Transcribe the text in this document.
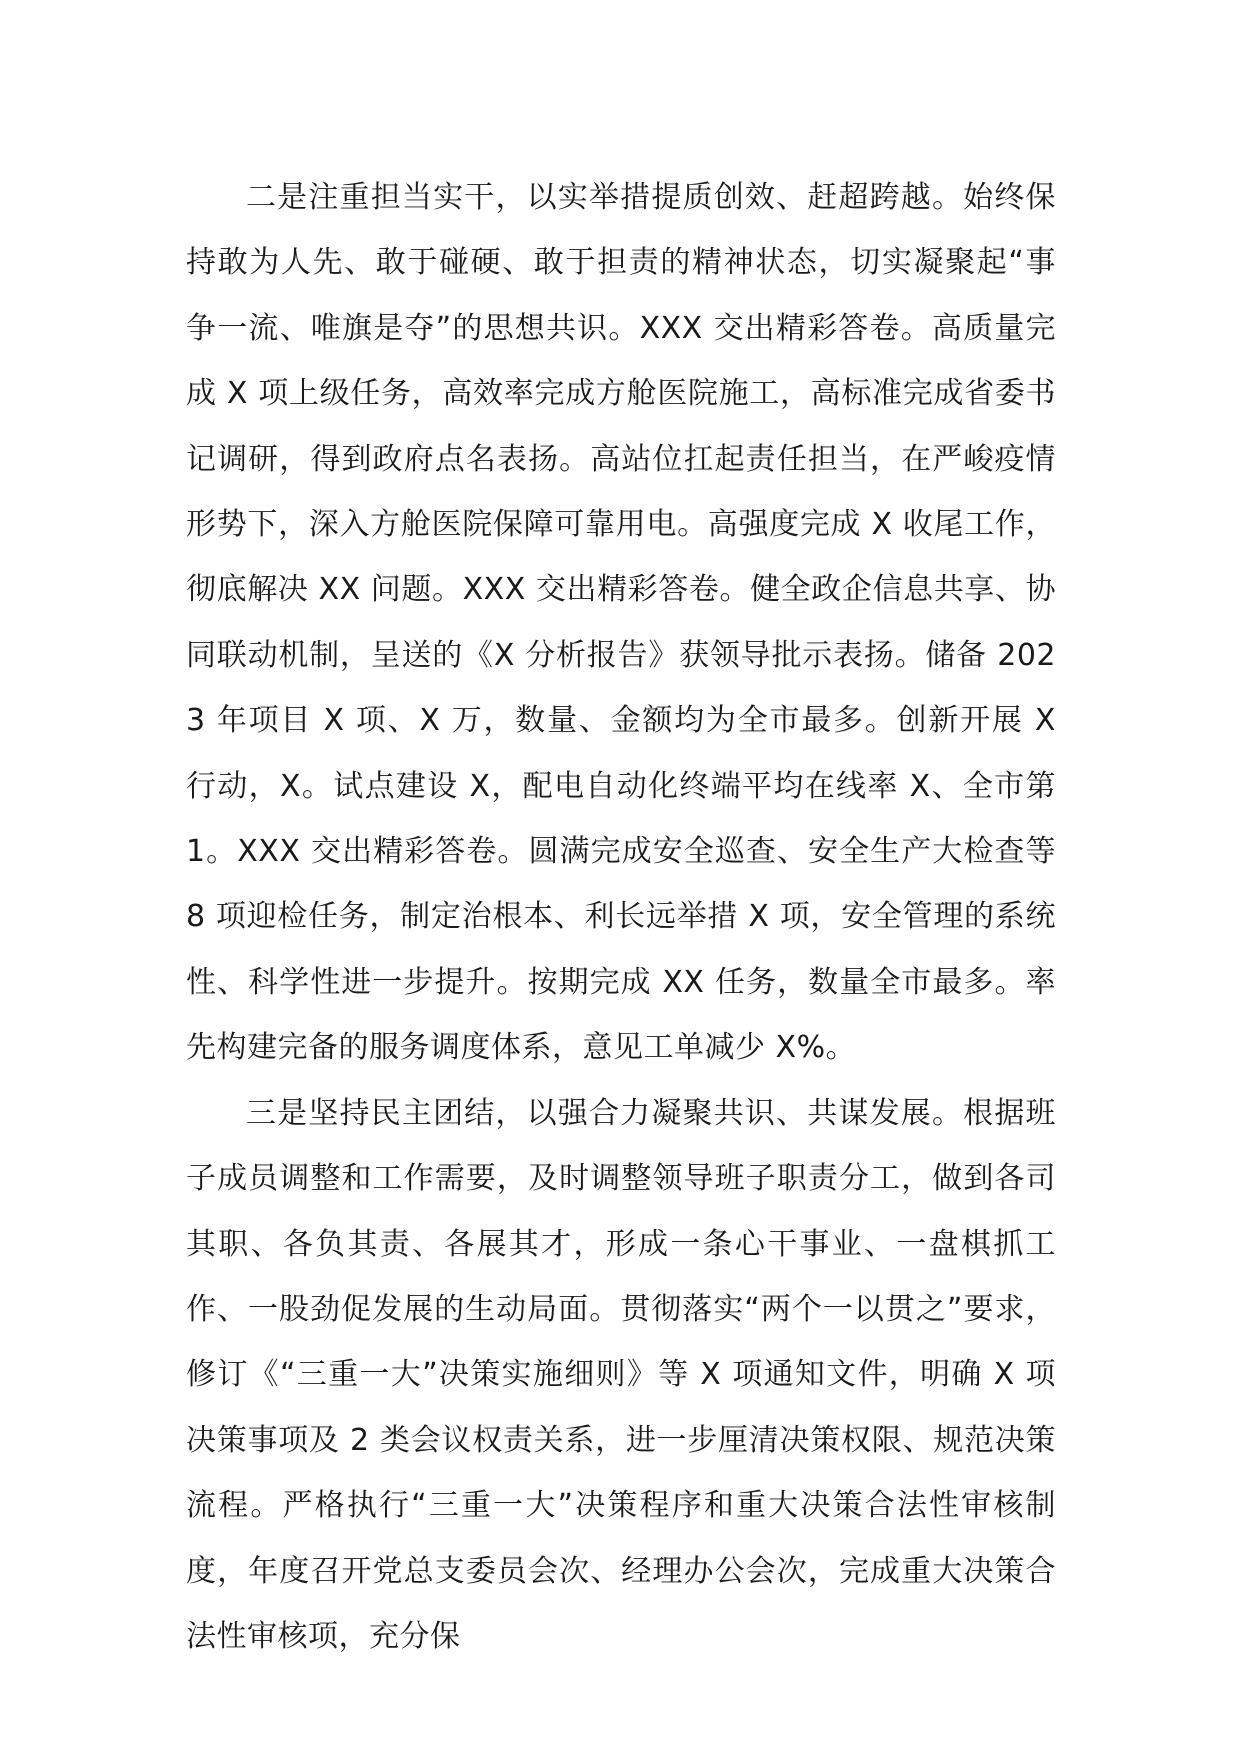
二是注重担当实干，以实举措提质创效、赶超跨越。始终保持敢为人先、敢于碰硬、敢于担责的精神状态，切实凝聚起“事争一流、唯旗是夺”的思想共识。XXX 交出精彩答卷。高质量完成 X 项上级任务，高效率完成方舱医院施工，高标准完成省委书记调研，得到政府点名表扬。高站位扛起责任担当，在严峻疫情形势下，深入方舱医院保障可靠用电。高强度完成 X 收尾工作，彻底解决 XX 问题。XXX 交出精彩答卷。健全政企信息共享、协同联动机制，呈送的《X 分析报告》获领导批示表扬。储备 2023 年项目 X 项、X 万，数量、金额均为全市最多。创新开展 X 行动，X。试点建设 X，配电自动化终端平均在线率 X、全市第 1。XXX 交出精彩答卷。圆满完成安全巡查、安全生产大检查等 8 项迎检任务，制定治根本、利长远举措 X 项，安全管理的系统性、科学性进一步提升。按期完成 XX 任务，数量全市最多。率先构建完备的服务调度体系，意见工单减少 X%。

三是坚持民主团结，以强合力凝聚共识、共谋发展。根据班子成员调整和工作需要，及时调整领导班子职责分工，做到各司其职、各负其责、各展其才，形成一条心干事业、一盘棋抓工作、一股劲促发展的生动局面。贯彻落实“两个一以贯之”要求，修订《“三重一大”决策实施细则》等 X 项通知文件，明确 X 项决策事项及 2 类会议权责关系，进一步厘清决策权限、规范决策流程。严格执行“三重一大”决策程序和重大决策合法性审核制度，年度召开党总支委员会次、经理办公会次，完成重大决策合法性审核项，充分保
